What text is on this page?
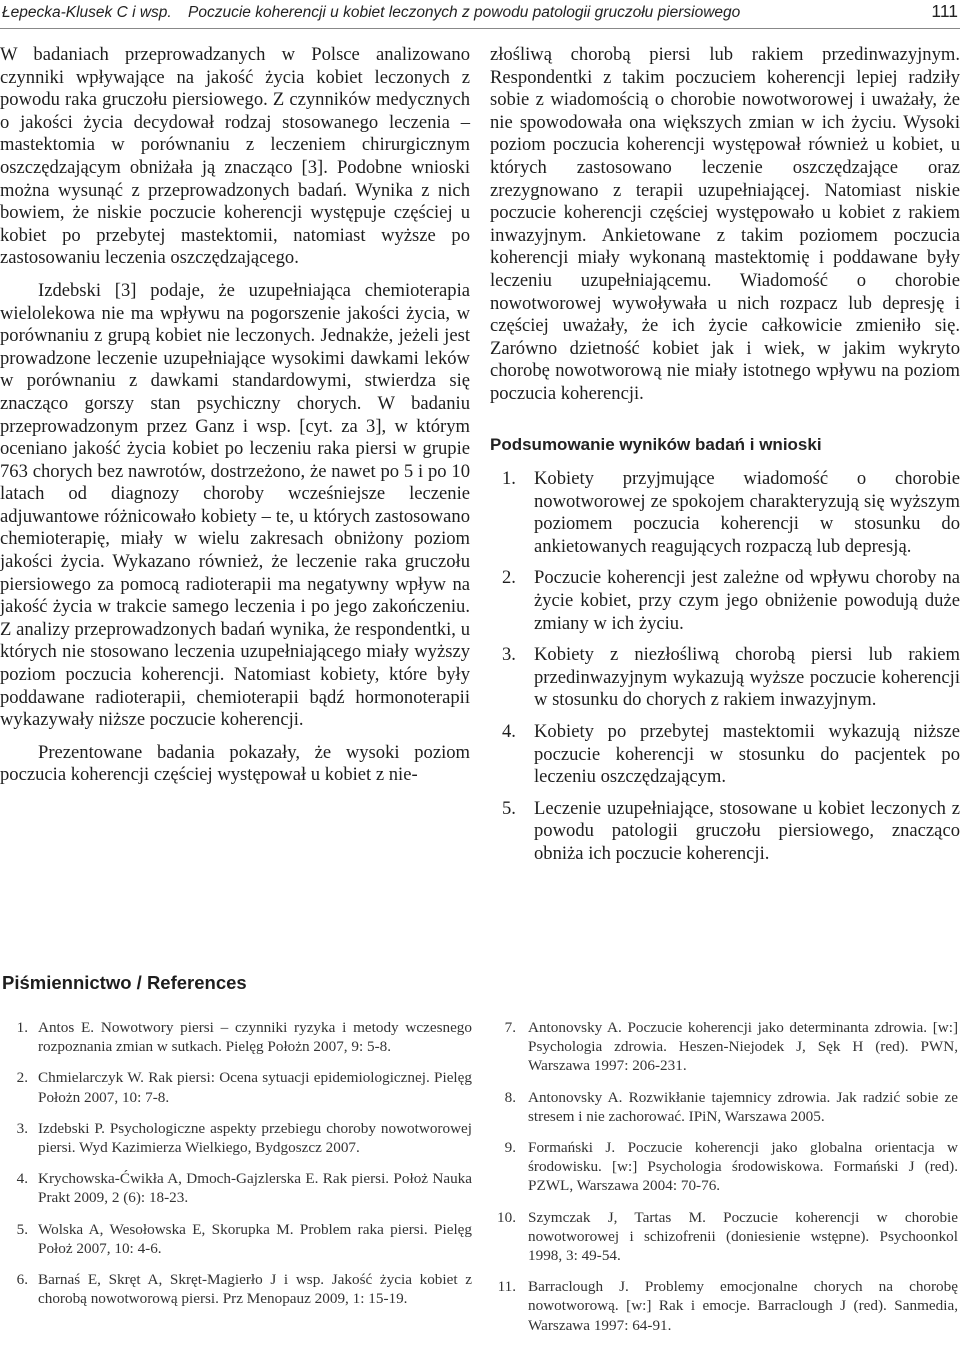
Łepecka-Klusek C i wsp. Poczucie koherencji u kobiet leczonych z powodu patologii gruczołu piersiowego	111

W badaniach przeprowadzanych w Polsce analizowano czynniki wpływające na jakość życia kobiet leczonych z powodu raka gruczołu piersiowego. Z czynników medycznych o jakości życia decydował rodzaj stosowanego leczenia – mastektomia w porównaniu z leczeniem chirurgicznym oszczędzającym obniżała ją znacząco [3]. Podobne wnioski można wysunąć z przeprowadzonych badań. Wynika z nich bowiem, że niskie poczucie koherencji występuje częściej u kobiet po przebytej mastektomii, natomiast wyższe po zastosowaniu leczenia oszczędzającego.

Izdebski [3] podaje, że uzupełniająca chemioterapia wielolekowa nie ma wpływu na pogorszenie jakości życia, w porównaniu z grupą kobiet nie leczonych. Jednakże, jeżeli jest prowadzone leczenie uzupełniające wysokimi dawkami leków w porównaniu z dawkami standardowymi, stwierdza się znacząco gorszy stan psychiczny chorych. W badaniu przeprowadzonym przez Ganz i wsp. [cyt. za 3], w którym oceniano jakość życia kobiet po leczeniu raka piersi w grupie 763 chorych bez nawrotów, dostrzeżono, że nawet po 5 i po 10 latach od diagnozy choroby wcześniejsze leczenie adjuwantowe różnicowało kobiety – te, u których zastosowano chemioterapię, miały w wielu zakresach obniżony poziom jakości życia. Wykazano również, że leczenie raka gruczołu piersiowego za pomocą radioterapii ma negatywny wpływ na jakość życia w trakcie samego leczenia i po jego zakończeniu. Z analizy przeprowadzonych badań wynika, że respondentki, u których nie stosowano leczenia uzupełniającego miały wyższy poziom poczucia koherencji. Natomiast kobiety, które były poddawane radioterapii, chemioterapii bądź hormonoterapii wykazywały niższe poczucie koherencji.

Prezentowane badania pokazały, że wysoki poziom poczucia koherencji częściej występował u kobiet z nie-

złośliwą chorobą piersi lub rakiem przedinwazyjnym. Respondentki z takim poczuciem koherencji lepiej radziły sobie z wiadomością o chorobie nowotworowej i uważały, że nie spowodowała ona większych zmian w ich życiu. Wysoki poziom poczucia koherencji występował również u kobiet, u których zastosowano leczenie oszczędzające oraz zrezygnowano z terapii uzupełniającej. Natomiast niskie poczucie koherencji częściej występowało u kobiet z rakiem inwazyjnym. Ankietowane z takim poziomem poczucia koherencji miały wykonaną mastektomię i poddawane były leczeniu uzupełniającemu. Wiadomość o chorobie nowotworowej wywoływała u nich rozpacz lub depresję i częściej uważały, że ich życie całkowicie zmieniło się. Zarówno dzietność kobiet jak i wiek, w jakim wykryto chorobę nowotworową nie miały istotnego wpływu na poziom poczucia koherencji.

Podsumowanie wyników badań i wnioski
1. Kobiety przyjmujące wiadomość o chorobie nowotworowej ze spokojem charakteryzują się wyższym poziomem poczucia koherencji w stosunku do ankietowanych reagujących rozpaczą lub depresją.
2. Poczucie koherencji jest zależne od wpływu choroby na życie kobiet, przy czym jego obniżenie powodują duże zmiany w ich życiu.
3. Kobiety z niezłośliwą chorobą piersi lub rakiem przedinwazyjnym wykazują wyższe poczucie koherencji w stosunku do chorych z rakiem inwazyjnym.
4. Kobiety po przebytej mastektomii wykazują niższe poczucie koherencji w stosunku do pacjentek po leczeniu oszczędzającym.
5. Leczenie uzupełniające, stosowane u kobiet leczonych z powodu patologii gruczołu piersiowego, znacząco obniża ich poczucie koherencji.
Piśmiennictwo / References
1. Antos E. Nowotwory piersi – czynniki ryzyka i metody wczesnego rozpoznania zmian w sutkach. Pielęg Położn 2007, 9: 5-8.
2. Chmielarczyk W. Rak piersi: Ocena sytuacji epidemiologicznej. Pielęg Położn 2007, 10: 7-8.
3. Izdebski P. Psychologiczne aspekty przebiegu choroby nowotworowej piersi. Wyd Kazimierza Wielkiego, Bydgoszcz 2007.
4. Krychowska-Ćwikła A, Dmoch-Gajzlerska E. Rak piersi. Położ Nauka Prakt 2009, 2 (6): 18-23.
5. Wolska A, Wesołowska E, Skorupka M. Problem raka piersi. Pielęg Położ 2007, 10: 4-6.
6. Barnaś E, Skręt A, Skręt-Magierło J i wsp. Jakość życia kobiet z chorobą nowotworową piersi. Prz Menopauz 2009, 1: 15-19.
7. Antonovsky A. Poczucie koherencji jako determinanta zdrowia. [w:] Psychologia zdrowia. Heszen-Niejodek J, Sęk H (red). PWN, Warszawa 1997: 206-231.
8. Antonovsky A. Rozwikłanie tajemnicy zdrowia. Jak radzić sobie ze stresem i nie zachorować. IPiN, Warszawa 2005.
9. Formański J. Poczucie koherencji jako globalna orientacja w środowisku. [w:] Psychologia środowiskowa. Formański J (red). PZWL, Warszawa 2004: 70-76.
10. Szymczak J, Tartas M. Poczucie koherencji w chorobie nowotworowej i schizofrenii (doniesienie wstępne). Psychoonkol 1998, 3: 49-54.
11. Barraclough J. Problemy emocjonalne chorych na chorobę nowotworową. [w:] Rak i emocje. Barraclough J (red). Sanmedia, Warszawa 1997: 64-91.
